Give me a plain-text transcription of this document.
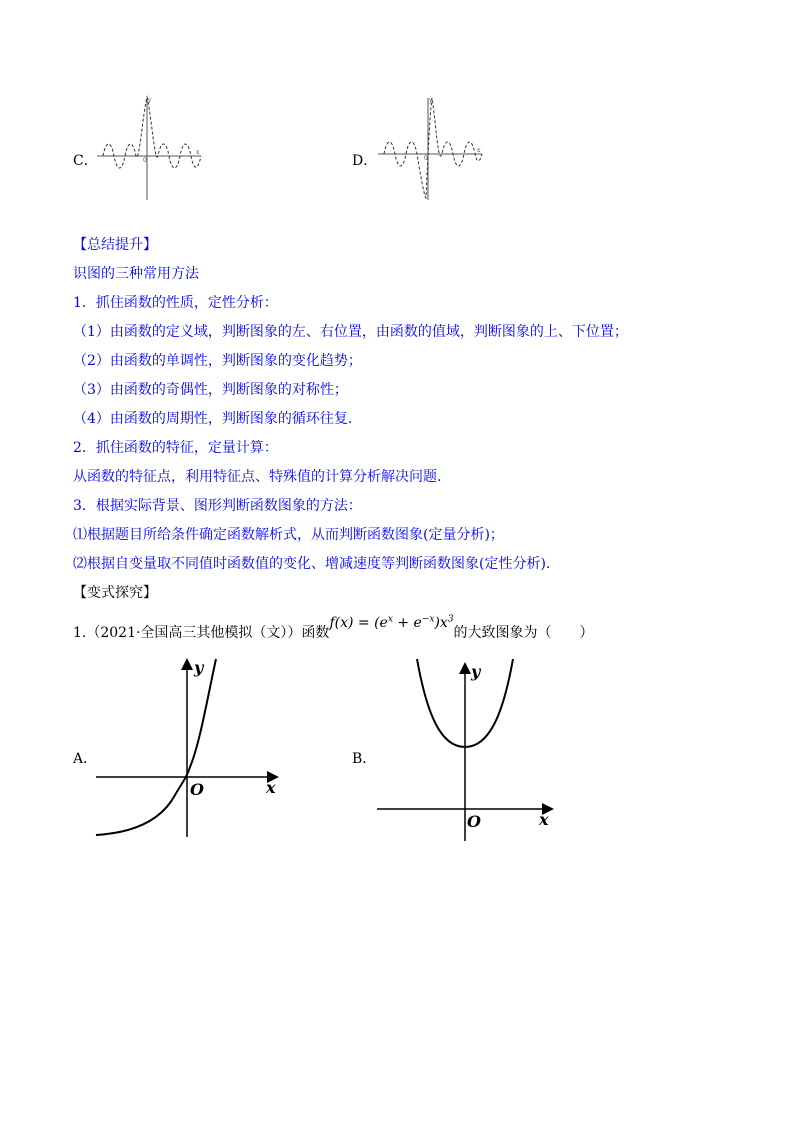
C．
y
x
0	D．
y
x
0
【总结提升】
识图的三种常用方法
1．抓住函数的性质，定性分析：
（1）由函数的定义域，判断图象的左、右位置，由函数的值域，判断图象的上、下位置；
（2）由函数的单调性，判断图象的变化趋势；
（3）由函数的奇偶性，判断图象的对称性；
（4）由函数的周期性，判断图象的循环往复.
2．抓住函数的特征，定量计算：
从函数的特征点，利用特征点、特殊值的计算分析解决问题.
3．根据实际背景、图形判断函数图象的方法：
⑴根据题目所给条件确定函数解析式，从而判断函数图象(定量分析)；
⑵根据自变量取不同值时函数值的变化、增减速度等判断函数图象(定性分析).
【变式探究】
1.（2021·全国高三其他模拟（文））函数$f(x) = (e^x + e^{-x})x^3$的大致图象为（　　）
A．
y
x
O
B．
y
x
O
